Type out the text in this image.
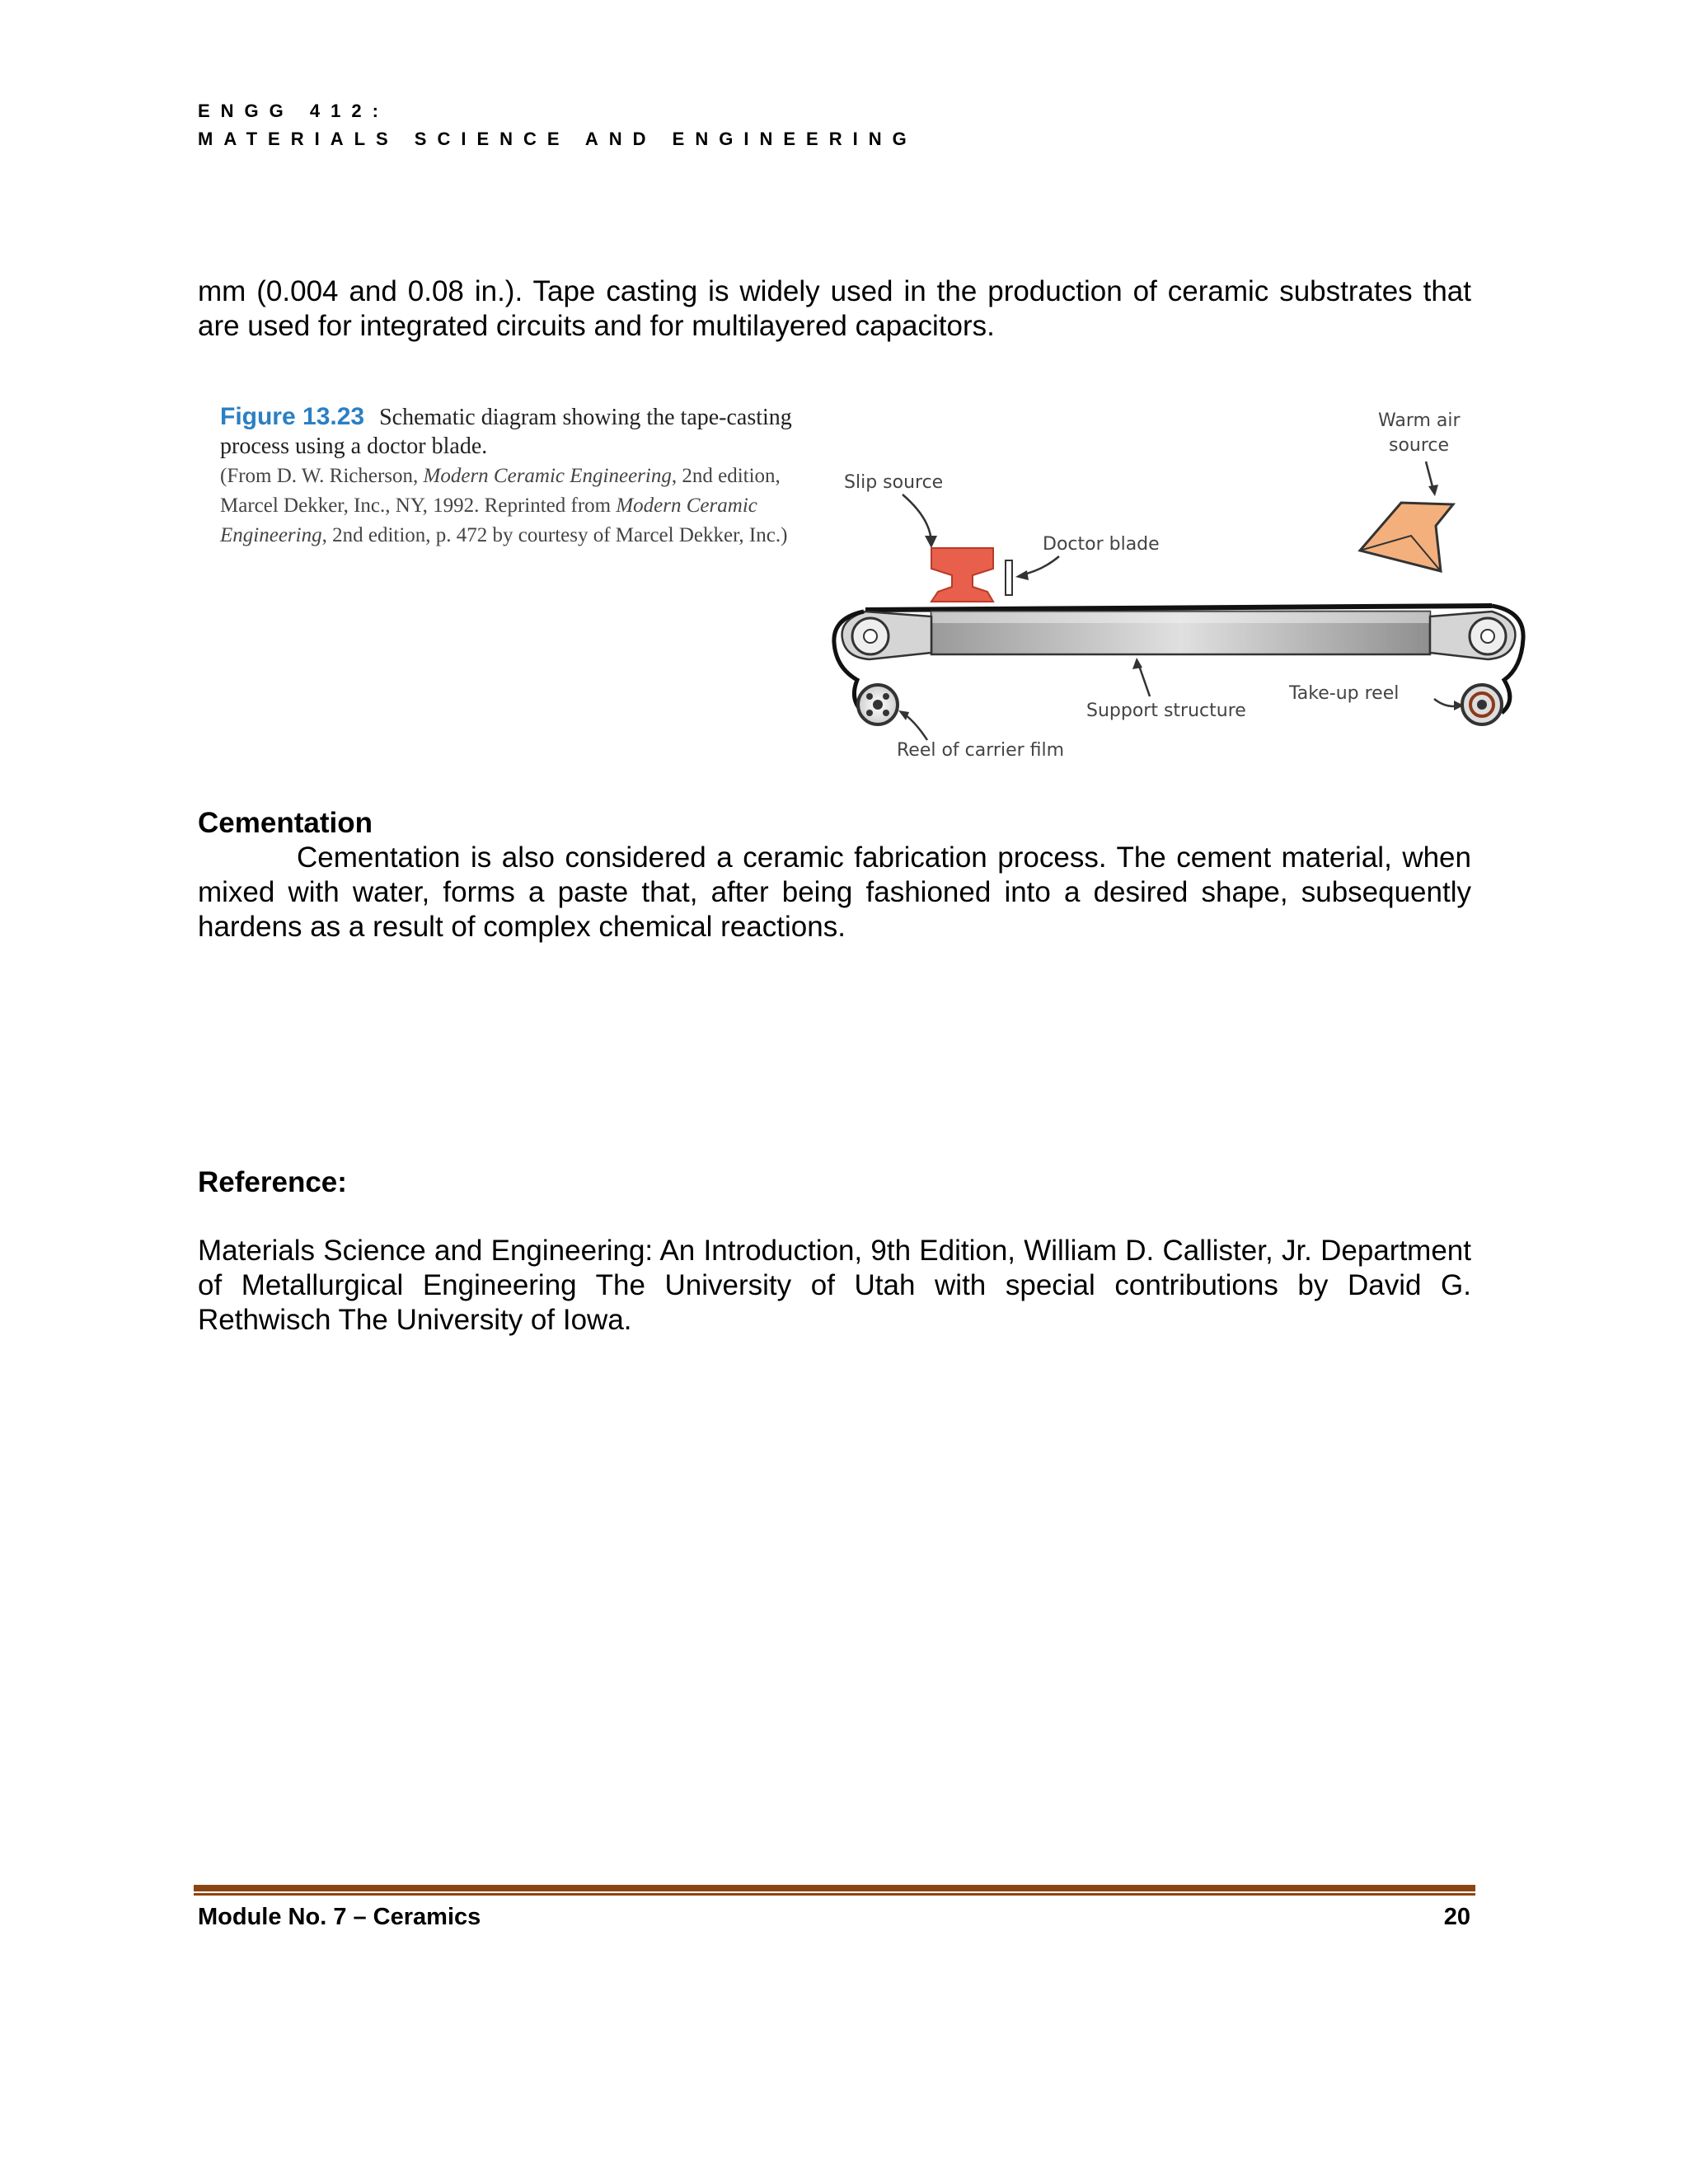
ENGG 412:
MATERIALS SCIENCE AND ENGINEERING
mm (0.004 and 0.08 in.). Tape casting is widely used in the production of ceramic substrates that are used for integrated circuits and for multilayered capacitors.
Figure 13.23 Schematic diagram showing the tape-casting process using a doctor blade.
(From D. W. Richerson, Modern Ceramic Engineering, 2nd edition, Marcel Dekker, Inc., NY, 1992. Reprinted from Modern Ceramic Engineering, 2nd edition, p. 472 by courtesy of Marcel Dekker, Inc.)
Warm air
source
Slip source
Doctor blade
Reel of carrier film
Take-up reel
Support structure
Cementation
Cementation is also considered a ceramic fabrication process. The cement material, when mixed with water, forms a paste that, after being fashioned into a desired shape, subsequently hardens as a result of complex chemical reactions.
Reference:
Materials Science and Engineering: An Introduction, 9th Edition, William D. Callister, Jr. Department of Metallurgical Engineering The University of Utah with special contributions by David G. Rethwisch The University of Iowa.
Module No. 7 – Ceramics	20
